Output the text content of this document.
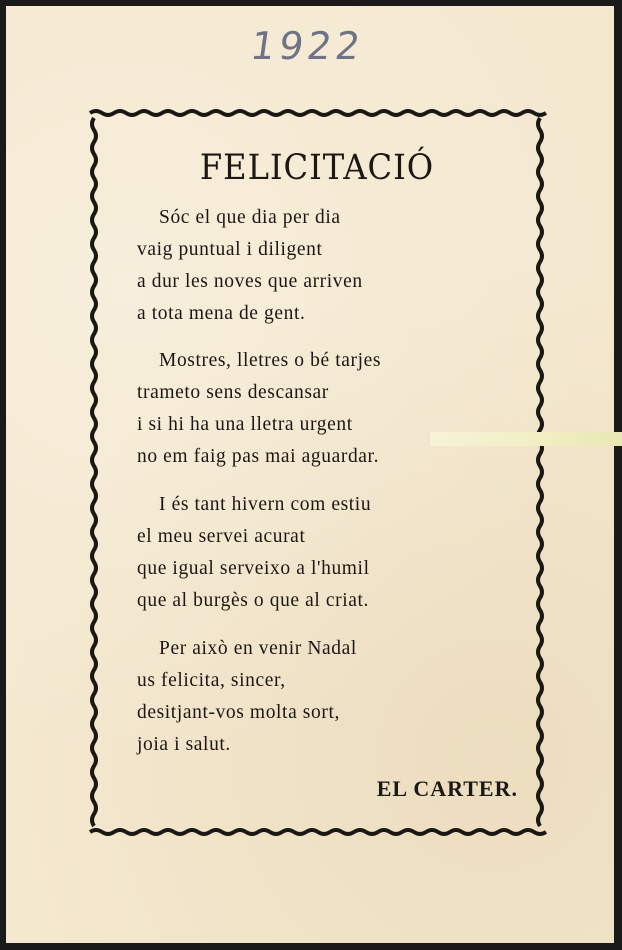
1922
FELICITACIÓ
Sóc el que dia per dia
vaig puntual i diligent
a dur les noves que arriven
a tota mena de gent.
Mostres, lletres o bé tarjes
trameto sens descansar
i si hi ha una lletra urgent
no em faig pas mai aguardar.
I és tant hivern com estiu
el meu servei acurat
que igual serveixo a l'humil
que al burgès o que al criat.
Per això en venir Nadal
us felicita, sincer,
desitjant-vos molta sort,
joia i salut.
EL CARTER.
